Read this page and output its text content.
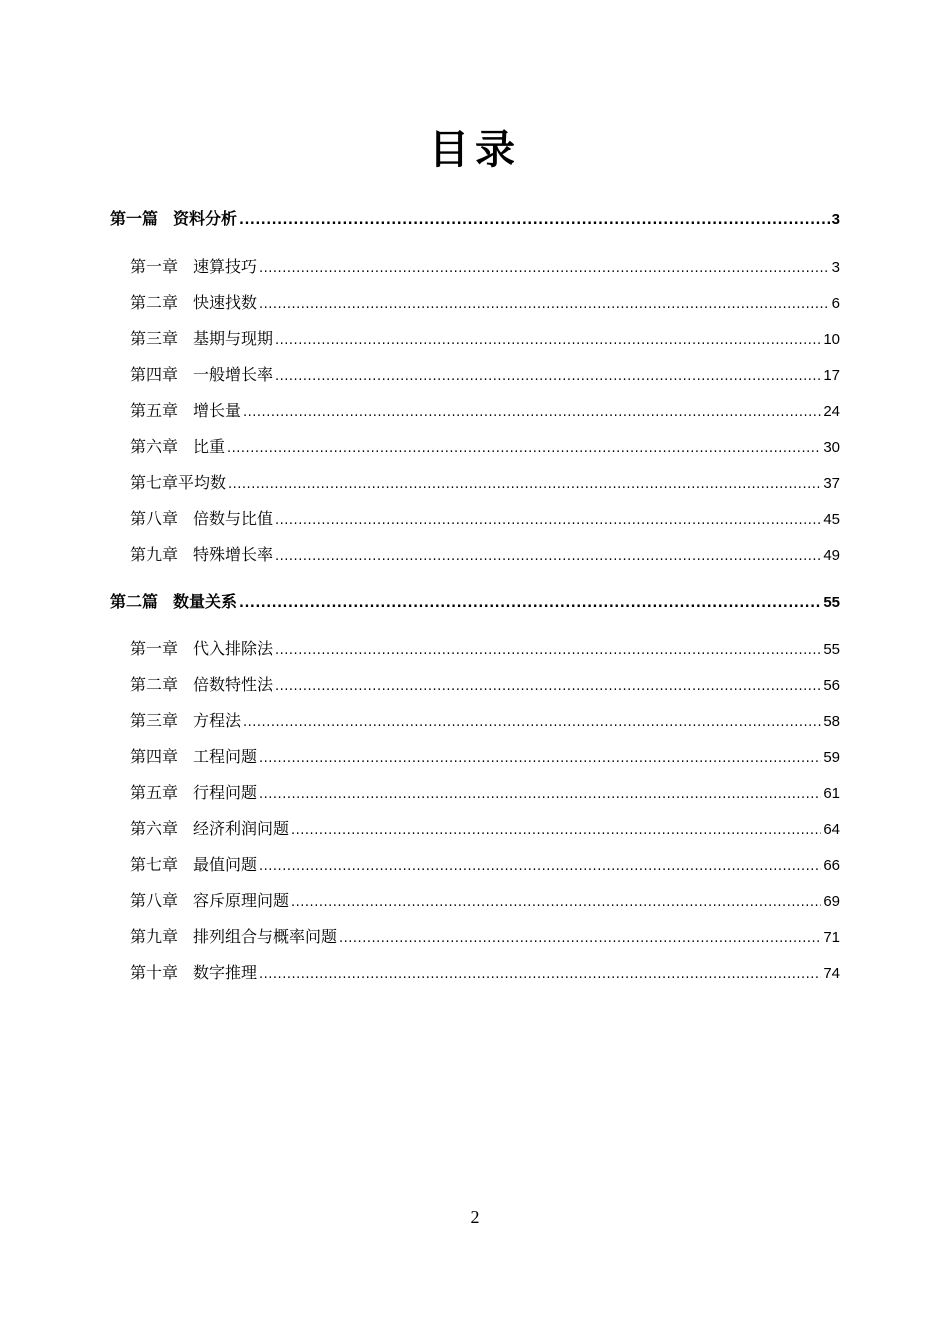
目录
第一篇 资料分析 .....	3
第一章 速算技巧 .....	3
第二章 快速找数 .....	6
第三章 基期与现期 .....	10
第四章 一般增长率 .....	17
第五章 增长量 .....	24
第六章 比重 .....	30
第七章平均数 .....	37
第八章 倍数与比值 .....	45
第九章 特殊增长率 .....	49
第二篇 数量关系 .....	55
第一章 代入排除法 .....	55
第二章 倍数特性法 .....	56
第三章 方程法 .....	58
第四章 工程问题 .....	59
第五章 行程问题 .....	61
第六章 经济利润问题 .....	64
第七章 最值问题 .....	66
第八章 容斥原理问题 .....	69
第九章 排列组合与概率问题 .....	71
第十章 数字推理 .....	74
2
